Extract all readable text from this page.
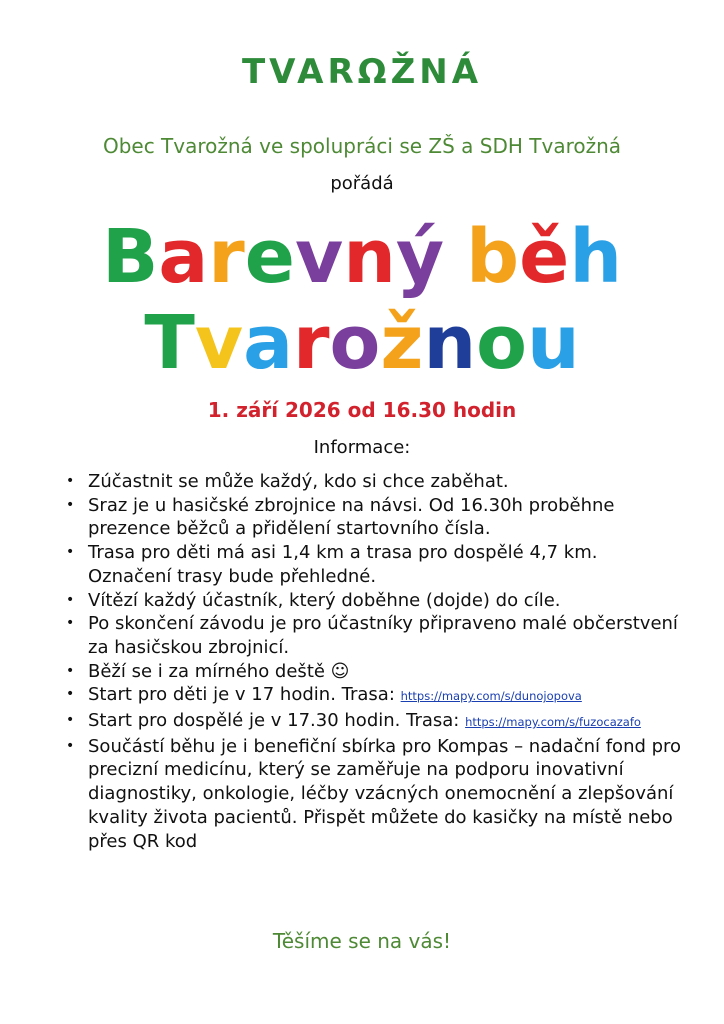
TVARΩŽNÁ
Obec Tvarožná ve spolupráci se ZŠ a SDH Tvarožná
pořádá
Barevný běh
Tvarožnou
1. září 2026 od 16.30 hodin
Informace:
• Zúčastnit se může každý, kdo si chce zaběhat.
• Sraz je u hasičské zbrojnice na návsi. Od 16.30h proběhne prezence běžců a přidělení startovního čísla.
• Trasa pro děti má asi 1,4 km a trasa pro dospělé 4,7 km. Označení trasy bude přehledné.
• Vítězí každý účastník, který doběhne (dojde) do cíle.
• Po skončení závodu je pro účastníky připraveno malé občerstvení za hasičskou zbrojnicí.
• Běží se i za mírného deště ☺
• Start pro děti je v 17 hodin. Trasa: https://mapy.com/s/dunojopova
• Start pro dospělé je v 17.30 hodin. Trasa: https://mapy.com/s/fuzocazafo
• Součástí běhu je i benefiční sbírka pro Kompas – nadační fond pro precizní medicínu, který se zaměřuje na podporu inovativní diagnostiky, onkologie, léčby vzácných onemocnění a zlepšování kvality života pacientů. Přispět můžete do kasičky na místě nebo přes QR kod
Těšíme se na vás!
